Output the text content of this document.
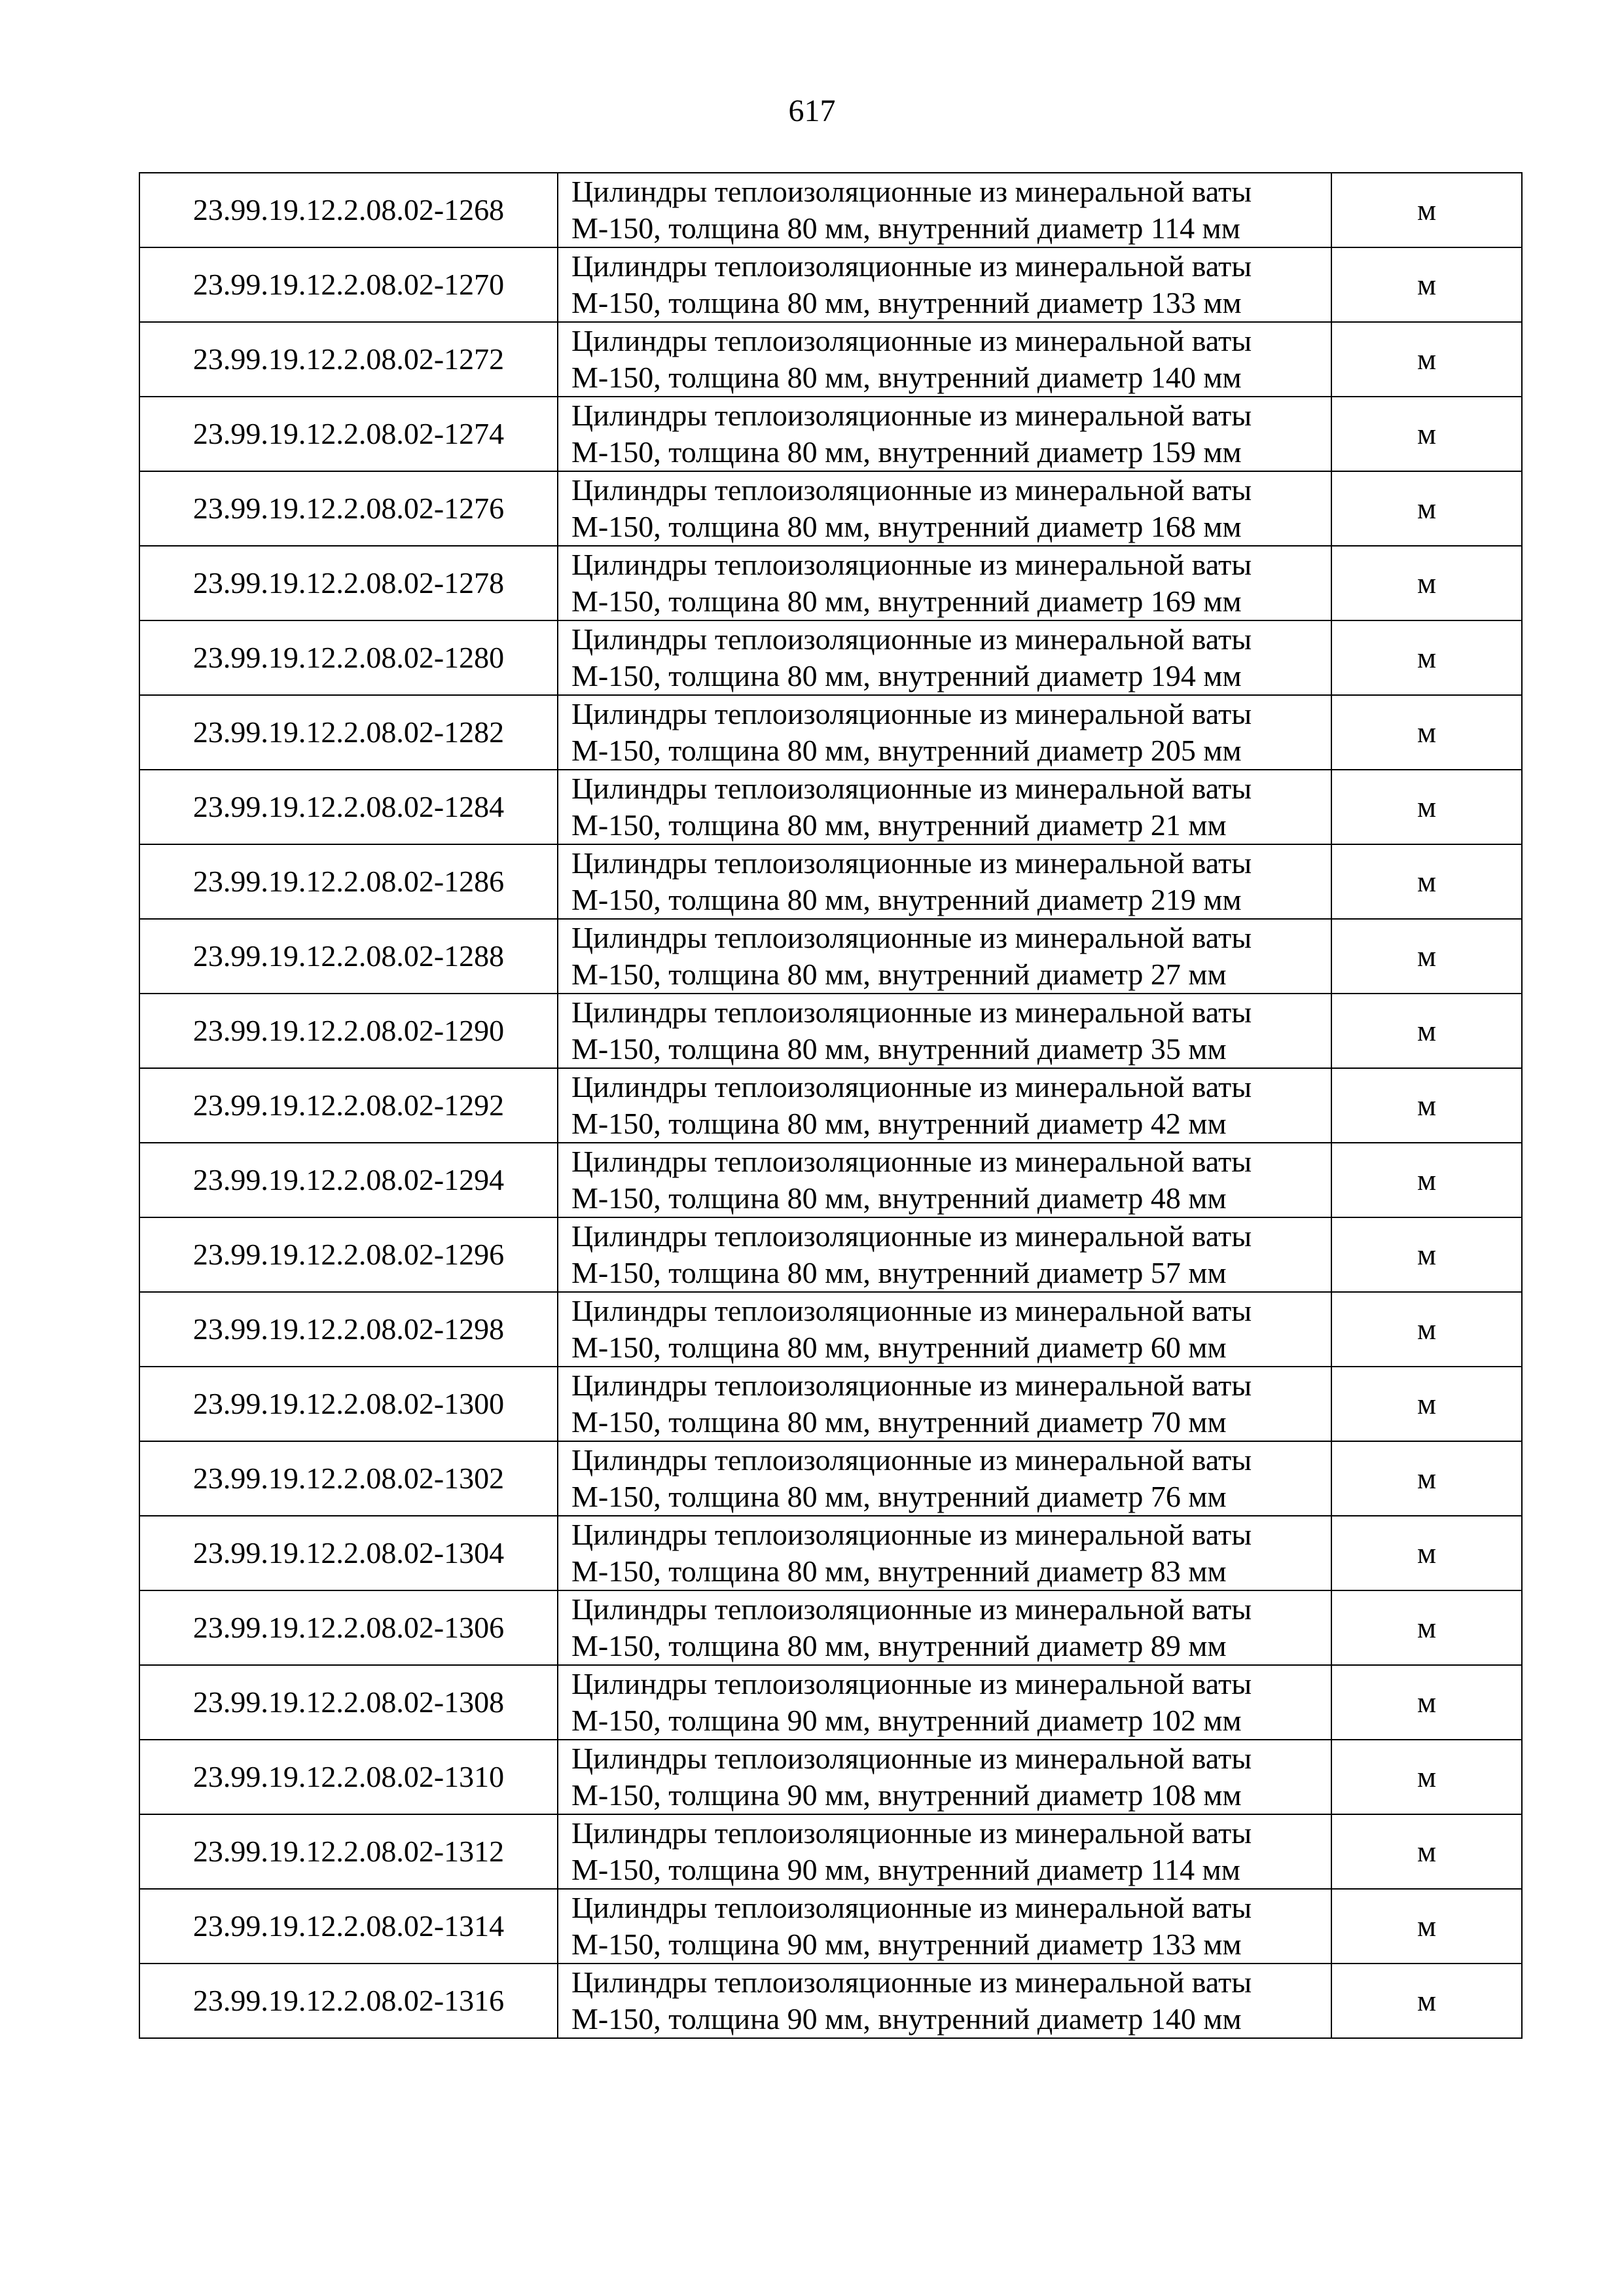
617
23.99.19.12.2.08.02-1268	Цилиндры теплоизоляционные из минеральной ваты
М-150, толщина 80 мм, внутренний диаметр 114 мм	м
23.99.19.12.2.08.02-1270	Цилиндры теплоизоляционные из минеральной ваты
М-150, толщина 80 мм, внутренний диаметр 133 мм	м
23.99.19.12.2.08.02-1272	Цилиндры теплоизоляционные из минеральной ваты
М-150, толщина 80 мм, внутренний диаметр 140 мм	м
23.99.19.12.2.08.02-1274	Цилиндры теплоизоляционные из минеральной ваты
М-150, толщина 80 мм, внутренний диаметр 159 мм	м
23.99.19.12.2.08.02-1276	Цилиндры теплоизоляционные из минеральной ваты
М-150, толщина 80 мм, внутренний диаметр 168 мм	м
23.99.19.12.2.08.02-1278	Цилиндры теплоизоляционные из минеральной ваты
М-150, толщина 80 мм, внутренний диаметр 169 мм	м
23.99.19.12.2.08.02-1280	Цилиндры теплоизоляционные из минеральной ваты
М-150, толщина 80 мм, внутренний диаметр 194 мм	м
23.99.19.12.2.08.02-1282	Цилиндры теплоизоляционные из минеральной ваты
М-150, толщина 80 мм, внутренний диаметр 205 мм	м
23.99.19.12.2.08.02-1284	Цилиндры теплоизоляционные из минеральной ваты
М-150, толщина 80 мм, внутренний диаметр 21 мм	м
23.99.19.12.2.08.02-1286	Цилиндры теплоизоляционные из минеральной ваты
М-150, толщина 80 мм, внутренний диаметр 219 мм	м
23.99.19.12.2.08.02-1288	Цилиндры теплоизоляционные из минеральной ваты
М-150, толщина 80 мм, внутренний диаметр 27 мм	м
23.99.19.12.2.08.02-1290	Цилиндры теплоизоляционные из минеральной ваты
М-150, толщина 80 мм, внутренний диаметр 35 мм	м
23.99.19.12.2.08.02-1292	Цилиндры теплоизоляционные из минеральной ваты
М-150, толщина 80 мм, внутренний диаметр 42 мм	м
23.99.19.12.2.08.02-1294	Цилиндры теплоизоляционные из минеральной ваты
М-150, толщина 80 мм, внутренний диаметр 48 мм	м
23.99.19.12.2.08.02-1296	Цилиндры теплоизоляционные из минеральной ваты
М-150, толщина 80 мм, внутренний диаметр 57 мм	м
23.99.19.12.2.08.02-1298	Цилиндры теплоизоляционные из минеральной ваты
М-150, толщина 80 мм, внутренний диаметр 60 мм	м
23.99.19.12.2.08.02-1300	Цилиндры теплоизоляционные из минеральной ваты
М-150, толщина 80 мм, внутренний диаметр 70 мм	м
23.99.19.12.2.08.02-1302	Цилиндры теплоизоляционные из минеральной ваты
М-150, толщина 80 мм, внутренний диаметр 76 мм	м
23.99.19.12.2.08.02-1304	Цилиндры теплоизоляционные из минеральной ваты
М-150, толщина 80 мм, внутренний диаметр 83 мм	м
23.99.19.12.2.08.02-1306	Цилиндры теплоизоляционные из минеральной ваты
М-150, толщина 80 мм, внутренний диаметр 89 мм	м
23.99.19.12.2.08.02-1308	Цилиндры теплоизоляционные из минеральной ваты
М-150, толщина 90 мм, внутренний диаметр 102 мм	м
23.99.19.12.2.08.02-1310	Цилиндры теплоизоляционные из минеральной ваты
М-150, толщина 90 мм, внутренний диаметр 108 мм	м
23.99.19.12.2.08.02-1312	Цилиндры теплоизоляционные из минеральной ваты
М-150, толщина 90 мм, внутренний диаметр 114 мм	м
23.99.19.12.2.08.02-1314	Цилиндры теплоизоляционные из минеральной ваты
М-150, толщина 90 мм, внутренний диаметр 133 мм	м
23.99.19.12.2.08.02-1316	Цилиндры теплоизоляционные из минеральной ваты
М-150, толщина 90 мм, внутренний диаметр 140 мм	м
